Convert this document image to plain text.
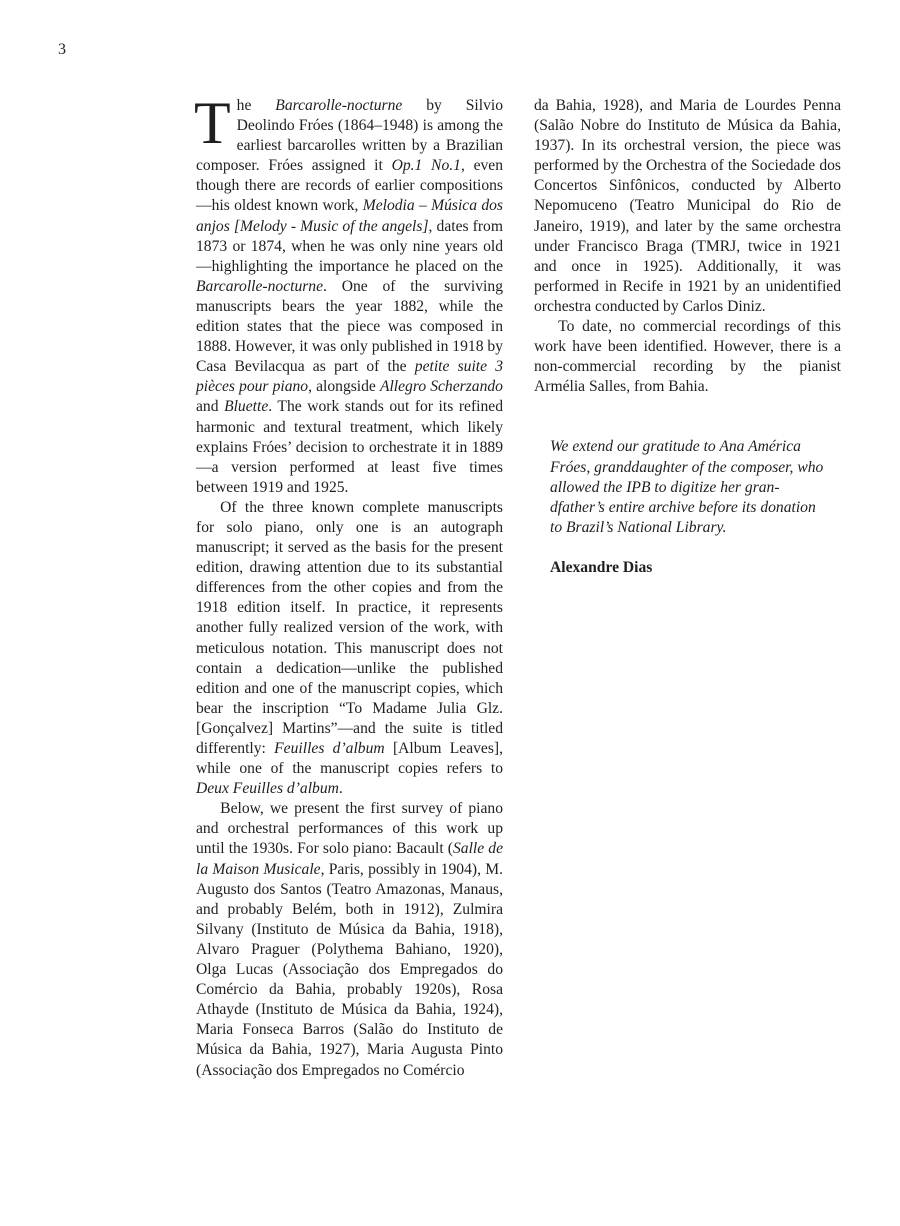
3

The Barcarolle-nocturne by Silvio Deolindo Fróes (1864–1948) is among the earliest barcarolles written by a Brazilian composer. Fróes assigned it Op.1 No.1, even though there are records of earlier compositions—his oldest known work, Melodia – Música dos anjos [Melody - Music of the angels], dates from 1873 or 1874, when he was only nine years old—highlighting the importance he placed on the Barcarolle-nocturne. One of the surviving manuscripts bears the year 1882, while the edition states that the piece was composed in 1888. However, it was only published in 1918 by Casa Bevilacqua as part of the petite suite 3 pièces pour piano, alongside Allegro Scherzando and Bluette. The work stands out for its refined harmonic and textural treatment, which likely explains Fróes’ decision to orchestrate it in 1889—a version performed at least five times between 1919 and 1925.

Of the three known complete manuscripts for solo piano, only one is an autograph manuscript; it served as the basis for the present edition, drawing attention due to its substantial differences from the other copies and from the 1918 edition itself. In practice, it represents another fully realized version of the work, with meticulous notation. This manuscript does not contain a dedication—unlike the published edition and one of the manuscript copies, which bear the inscription “To Madame Julia Glz. [Gonçalvez] Martins”—and the suite is titled differently: Feuilles d’album [Album Leaves], while one of the manuscript copies refers to Deux Feuilles d’album.

Below, we present the first survey of piano and orchestral performances of this work up until the 1930s. For solo piano: Bacault (Salle de la Maison Musicale, Paris, possibly in 1904), M. Augusto dos Santos (Teatro Amazonas, Manaus, and probably Belém, both in 1912), Zulmira Silvany (Instituto de Música da Bahia, 1918), Alvaro Praguer (Polythema Bahiano, 1920), Olga Lucas (Associação dos Empregados do Comércio da Bahia, probably 1920s), Rosa Athayde (Instituto de Música da Bahia, 1924), Maria Fonseca Barros (Salão do Instituto de Música da Bahia, 1927), Maria Augusta Pinto (Associação dos Empregados no Comércio

da Bahia, 1928), and Maria de Lourdes Penna (Salão Nobre do Instituto de Música da Bahia, 1937). In its orchestral version, the piece was performed by the Orchestra of the Sociedade dos Concertos Sinfônicos, conducted by Alberto Nepomuceno (Teatro Municipal do Rio de Janeiro, 1919), and later by the same orchestra under Francisco Braga (TMRJ, twice in 1921 and once in 1925). Additionally, it was performed in Recife in 1921 by an unidentified orchestra conducted by Carlos Diniz.

To date, no commercial recordings of this work have been identified. However, there is a non-commercial recording by the pianist Armélia Salles, from Bahia.

We extend our gratitude to Ana América Fróes, granddaughter of the composer, who allowed the IPB to digitize her grandfather’s entire archive before its donation to Brazil’s National Library.

Alexandre Dias
